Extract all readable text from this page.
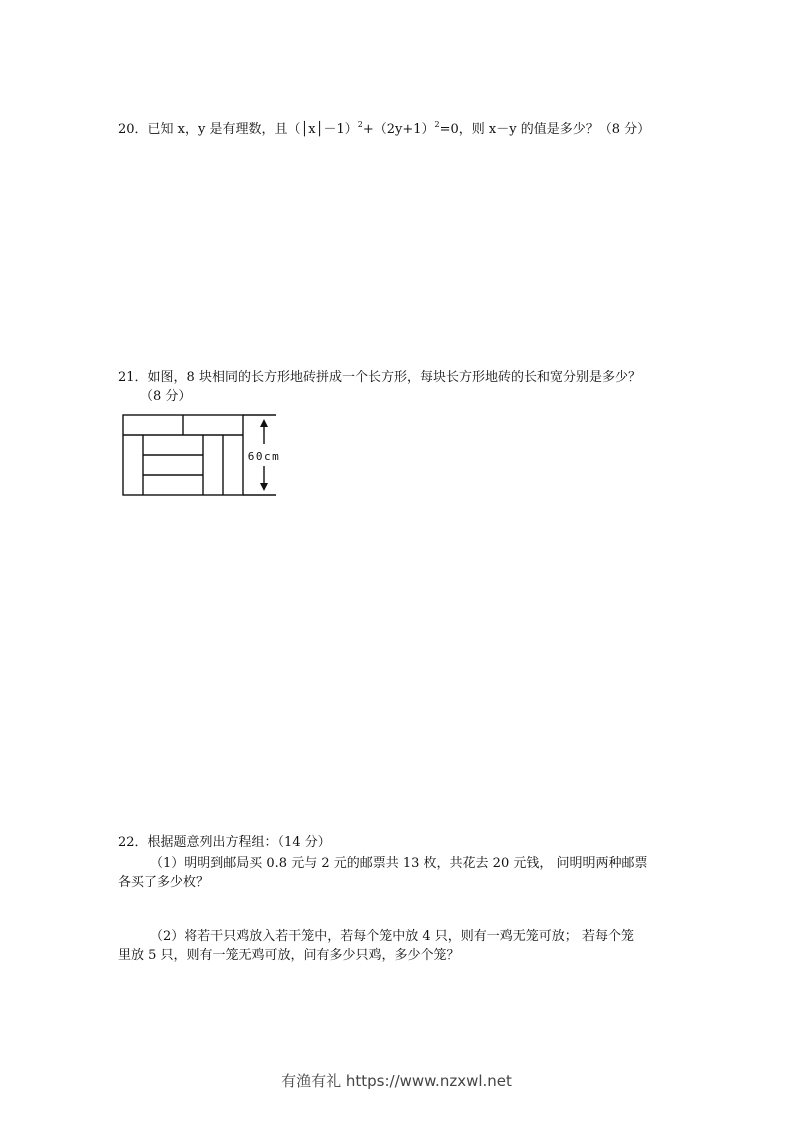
20．已知 x，y 是有理数，且$(│x│-1)^2+(2y+1)^2=0$，则 x－y 的值是多少？（8 分）
21．如图，8 块相同的长方形地砖拼成一个长方形，每块长方形地砖的长和宽分别是多少？
（8 分）
60cm
22．根据题意列出方程组：（14 分）
（1）明明到邮局买 0.8 元与 2 元的邮票共 13 枚，共花去 20 元钱， 问明明两种邮票
各买了多少枚？
（2）将若干只鸡放入若干笼中，若每个笼中放 4 只，则有一鸡无笼可放； 若每个笼
里放 5 只，则有一笼无鸡可放，问有多少只鸡，多少个笼？
有渔有礼 https://www.nzxwl.net
